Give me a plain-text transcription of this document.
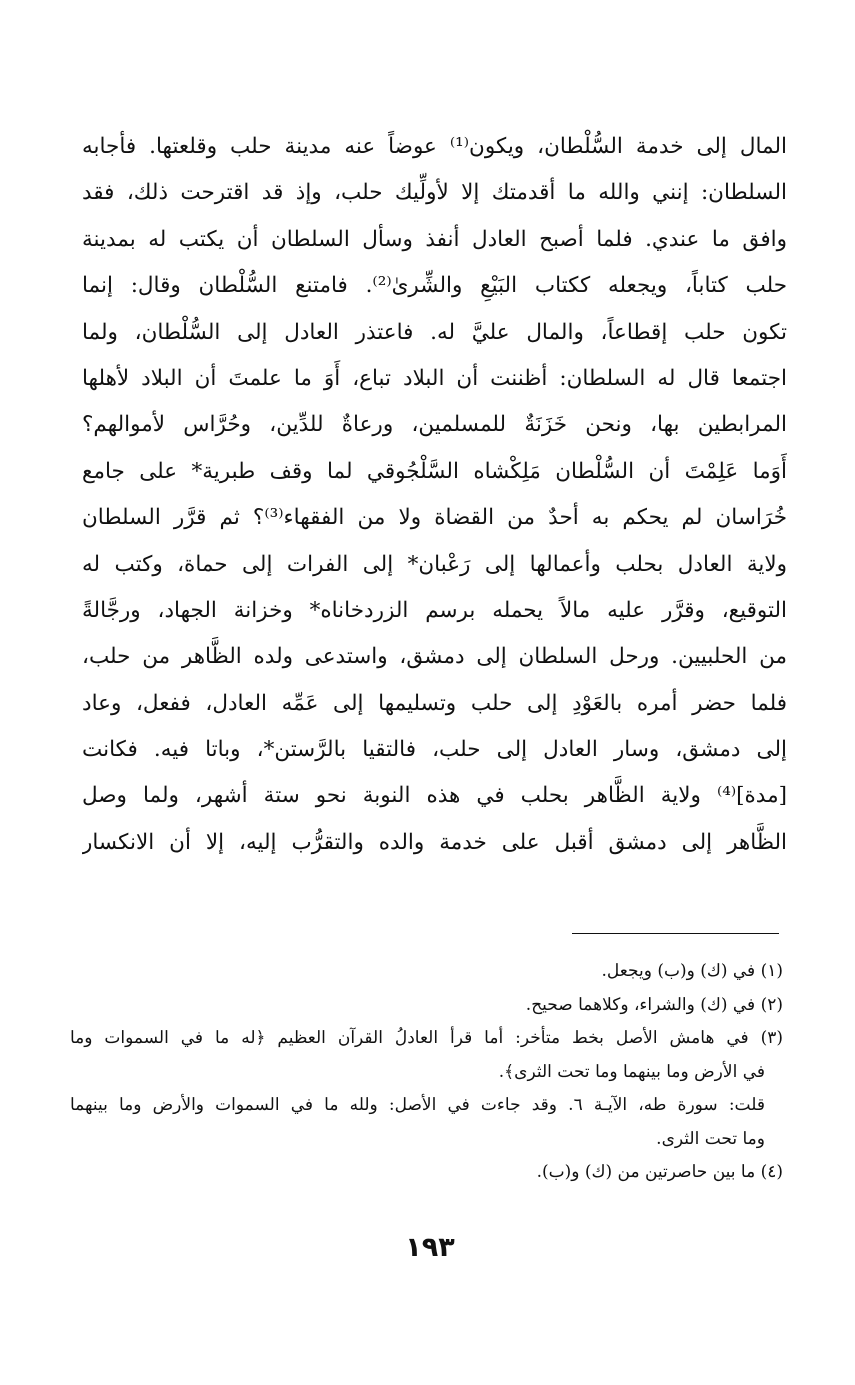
المال إلى خدمة السُّلْطان، ويكون⁽¹⁾ عوضاً عنه مدينة حلب وقلعتها. فأجابه
السلطان: إنني والله ما أقدمتك إلا لأولِّيك حلب، وإذ قد اقترحت ذلك، فقد
وافق ما عندي. فلما أصبح العادل أنفذ وسأل السلطان أن يكتب له بمدينة
حلب كتاباً، ويجعله ككتاب البَيْعِ والشِّرىٰ⁽²⁾. فامتنع السُّلْطان وقال: إنما
تكون حلب إقطاعاً، والمال عليَّ له. فاعتذر العادل إلى السُّلْطان، ولما
اجتمعا قال له السلطان: أظننت أن البلاد تباع، أَوَ ما علمتَ أن البلاد لأهلها
المرابطين بها، ونحن خَزَنَةٌ للمسلمين، ورعاةٌ للدِّين، وحُرَّاس لأموالهم؟
أَوَما عَلِمْتَ أن السُّلْطان مَلِكْشاه السَّلْجُوقي لما وقف طبرية* على جامع
خُرَاسان لم يحكم به أحدٌ من القضاة ولا من الفقهاء⁽³⁾؟ ثم قرَّر السلطان
ولاية العادل بحلب وأعمالها إلى رَعْبان* إلى الفرات إلى حماة، وكتب له
التوقيع، وقرَّر عليه مالاً يحمله برسم الزردخاناه* وخزانة الجهاد، ورجَّالةً
من الحلبيين. ورحل السلطان إلى دمشق، واستدعى ولده الظَّاهر من حلب،
فلما حضر أمره بالعَوْدِ إلى حلب وتسليمها إلى عَمِّه العادل، ففعل، وعاد
إلى دمشق، وسار العادل إلى حلب، فالتقيا بالرَّستن*، وباتا فيه. فكانت
[مدة]⁽⁴⁾ ولاية الظَّاهر بحلب في هذه النوبة نحو ستة أشهر، ولما وصل
الظَّاهر إلى دمشق أقبل على خدمة والده والتقرُّب إليه، إلا أن الانكسار
(١) في (ك) و(ب) ويجعل.
(٢) في (ك) والشراء، وكلاهما صحيح.
(٣) في هامش الأصل بخط متأخر: أما قرأ العادلُ القرآن العظيم ﴿له ما في السموات وما
في الأرض وما بينهما وما تحت الثرى﴾.
قلت: سورة طه، الآيـة ٦. وقد جاءت في الأصل: ولله ما في السموات والأرض وما بينهما
وما تحت الثرى.
(٤) ما بين حاصرتين من (ك) و(ب).
١٩٣
